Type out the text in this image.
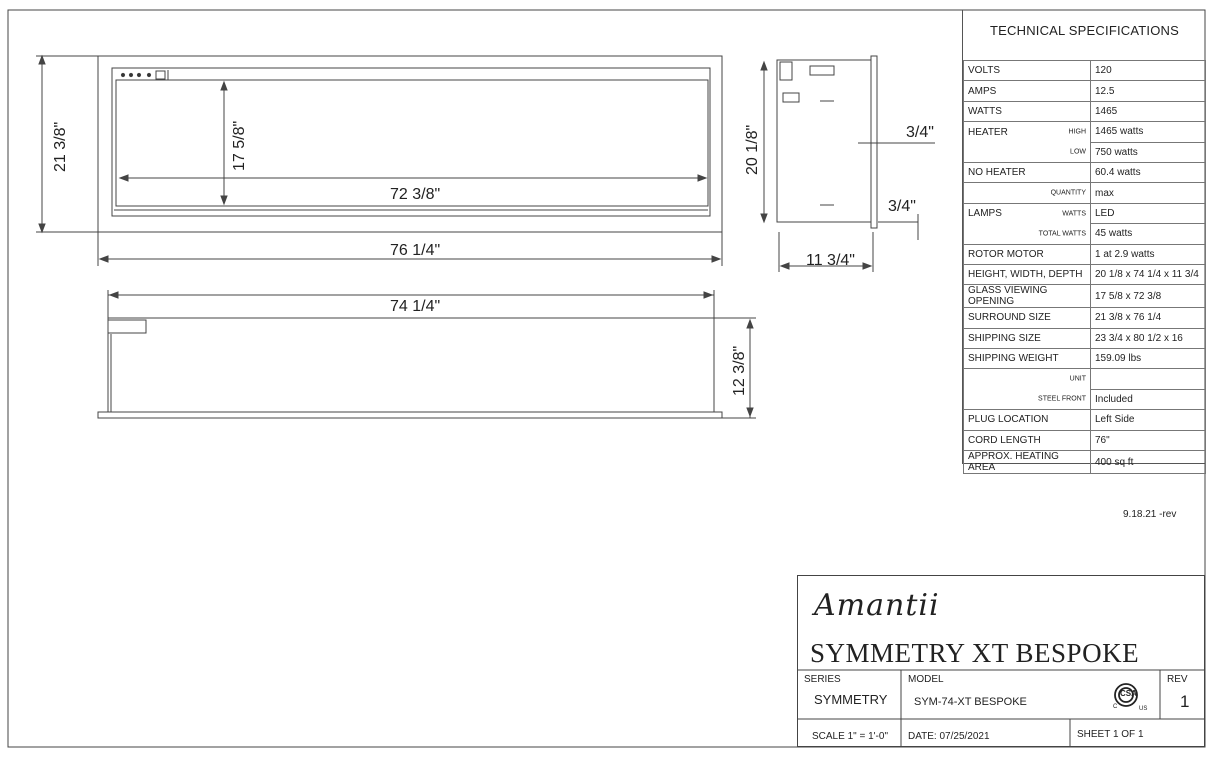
21 3/8"	17 5/8"
72 3/8"
76 1/4"
20 1/8"	3/4"
3/4"
11 3/4"
74 1/4"
12 3/8"
TECHNICAL SPECIFICATIONS
VOLTS	120
AMPS	12.5
WATTS	1465
HEATER HIGH	1465 watts

LOW	750 watts
NO HEATER	60.4 watts

QUANTITY	max
LAMPS WATTS	LED

TOTAL WATTS	45 watts
ROTOR MOTOR	1 at 2.9 watts
HEIGHT, WIDTH, DEPTH	20 1/8 x 74 1/4 x 11 3/4
GLASS VIEWING OPENING	17 5/8 x 72 3/8
SURROUND SIZE	21 3/8 x 76 1/4
SHIPPING SIZE	23 3/4 x 80 1/2 x 16
SHIPPING WEIGHT	159.09 lbs

UNIT	

STEEL FRONT	Included
PLUG LOCATION	Left Side
CORD LENGTH	76"
APPROX. HEATING AREA	400 sq ft
9.18.21 -rev
Amantii
SYMMETRY XT BESPOKE
SERIES
SYMMETRY
MODEL
SYM-74-XT BESPOKE
CSA
C	US
REV
1
SCALE 1" = 1'-0" DATE: 07/25/2021	SHEET 1 OF 1
